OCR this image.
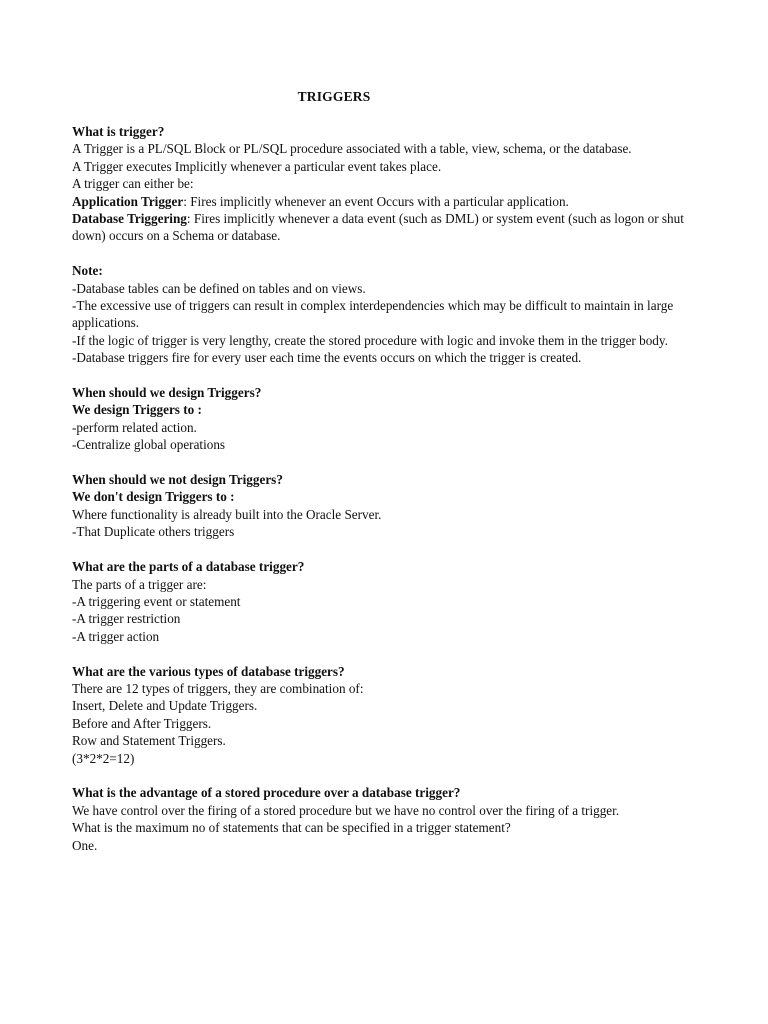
TRIGGERS
What is trigger?
A Trigger is a PL/SQL Block or PL/SQL procedure associated with a table, view, schema, or the database.
A Trigger executes Implicitly whenever a particular event takes place.
A trigger can either be:
Application Trigger: Fires implicitly whenever an event Occurs with a particular application.
Database Triggering: Fires implicitly whenever a data event (such as DML) or system event (such as logon or shut down) occurs on a Schema or database.
Note:
-Database tables can be defined on tables and on views.
-The excessive use of triggers can result in complex interdependencies which may be difficult to maintain in large applications.
-If the logic of trigger is very lengthy, create the stored procedure with logic and invoke them in the trigger body.
-Database triggers fire for every user each time the events occurs on which the trigger is created.
When should we design Triggers?
We design Triggers to :
-perform related action.
-Centralize global operations
When should we not design Triggers?
We don't design Triggers to :
Where functionality is already built into the Oracle Server.
-That Duplicate others triggers
What are the parts of a database trigger?
The parts of a trigger are:
-A triggering event or statement
-A trigger restriction
-A trigger action
What are the various types of database triggers?
There are 12 types of triggers, they are combination of:
Insert, Delete and Update Triggers.
Before and After Triggers.
Row and Statement Triggers.
(3*2*2=12)
What is the advantage of a stored procedure over a database trigger?
We have control over the firing of a stored procedure but we have no control over the firing of a trigger.
What is the maximum no of statements that can be specified in a trigger statement?
One.
